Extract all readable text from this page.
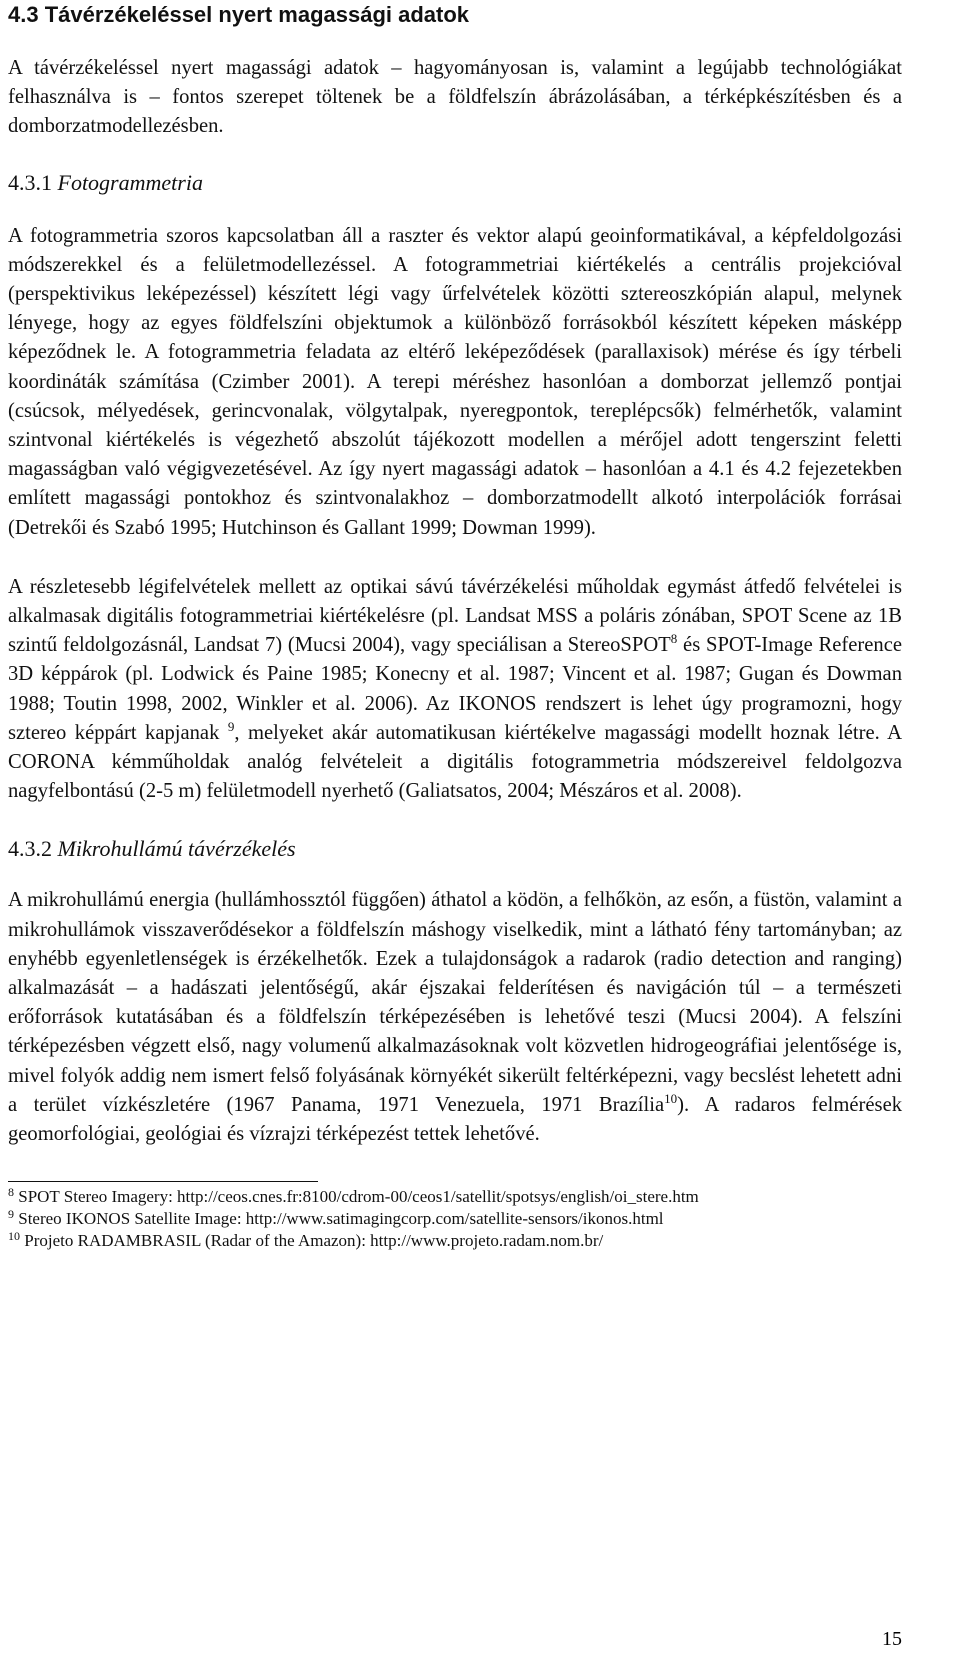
4.3 Távérzékeléssel nyert magassági adatok

A távérzékeléssel nyert magassági adatok – hagyományosan is, valamint a legújabb technológiákat felhasználva is – fontos szerepet töltenek be a földfelszín ábrázolásában, a térképkészítésben és a domborzatmodellezésben.

4.3.1 Fotogrammetria

A fotogrammetria szoros kapcsolatban áll a raszter és vektor alapú geoinformatikával, a képfeldolgozási módszerekkel és a felületmodellezéssel. A fotogrammetriai kiértékelés a centrális projekcióval (perspektivikus leképezéssel) készített légi vagy űrfelvételek közötti sztereoszkópián alapul, melynek lényege, hogy az egyes földfelszíni objektumok a különböző forrásokból készített képeken másképp képeződnek le. A fotogrammetria feladata az eltérő leképeződések (parallaxisok) mérése és így térbeli koordináták számítása (Czimber 2001). A terepi méréshez hasonlóan a domborzat jellemző pontjai (csúcsok, mélyedések, gerincvonalak, völgytalpak, nyeregpontok, tereplépcsők) felmérhetők, valamint szintvonal kiértékelés is végezhető abszolút tájékozott modellen a mérőjel adott tengerszint feletti magasságban való végigvezetésével. Az így nyert magassági adatok – hasonlóan a 4.1 és 4.2 fejezetekben említett magassági pontokhoz és szintvonalakhoz – domborzatmodellt alkotó interpolációk forrásai (Detrekői és Szabó 1995; Hutchinson és Gallant 1999; Dowman 1999).

A részletesebb légifelvételek mellett az optikai sávú távérzékelési műholdak egymást átfedő felvételei is alkalmasak digitális fotogrammetriai kiértékelésre (pl. Landsat MSS a poláris zónában, SPOT Scene az 1B szintű feldolgozásnál, Landsat 7) (Mucsi 2004), vagy speciálisan a StereoSPOT$^8$ és SPOT-Image Reference 3D képpárok (pl. Lodwick és Paine 1985; Konecny et al. 1987; Vincent et al. 1987; Gugan és Dowman 1988; Toutin 1998, 2002, Winkler et al. 2006). Az IKONOS rendszert is lehet úgy programozni, hogy sztereo képpárt kapjanak $^9$, melyeket akár automatikusan kiértékelve magassági modellt hoznak létre. A CORONA kémműholdak analóg felvételeit a digitális fotogrammetria módszereivel feldolgozva nagyfelbontású (2-5 m) felületmodell nyerhető (Galiatsatos, 2004; Mészáros et al. 2008).

4.3.2 Mikrohullámú távérzékelés

A mikrohullámú energia (hullámhossztól függően) áthatol a ködön, a felhőkön, az esőn, a füstön, valamint a mikrohullámok visszaverődésekor a földfelszín máshogy viselkedik, mint a látható fény tartományban; az enyhébb egyenletlenségek is érzékelhetők. Ezek a tulajdonságok a radarok (radio detection and ranging) alkalmazását – a hadászati jelentőségű, akár éjszakai felderítésen és navigáción túl – a természeti erőforrások kutatásában és a földfelszín térképezésében is lehetővé teszi (Mucsi 2004). A felszíni térképezésben végzett első, nagy volumenű alkalmazásoknak volt közvetlen hidrogeográfiai jelentősége is, mivel folyók addig nem ismert felső folyásának környékét sikerült feltérképezni, vagy becslést lehetett adni a terület vízkészletére (1967 Panama, 1971 Venezuela, 1971 Brazília$^{10}$). A radaros felmérések geomorfológiai, geológiai és vízrajzi térképezést tettek lehetővé.

$^8$ SPOT Stereo Imagery: http://ceos.cnes.fr:8100/cdrom-00/ceos1/satellit/spotsys/english/oi_stere.htm

$^9$ Stereo IKONOS Satellite Image: http://www.satimagingcorp.com/satellite-sensors/ikonos.html

$^{10}$ Projeto RADAMBRASIL (Radar of the Amazon): http://www.projeto.radam.nom.br/

15
